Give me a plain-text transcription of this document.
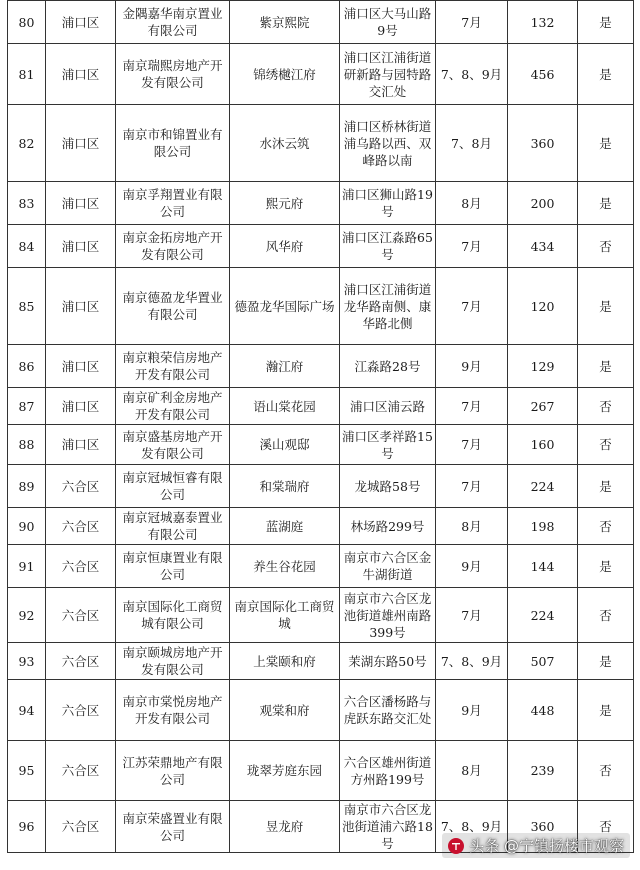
80	浦口区	金隅嘉华南京置业有限公司	紫京熙院	浦口区大马山路9号	7月	132	是
81	浦口区	南京瑞熙房地产开发有限公司	锦绣樾江府	浦口区江浦街道研新路与园特路交汇处	7、8、9月	456	是
82	浦口区	南京市和锦置业有限公司	水沐云筑	浦口区桥林街道浦乌路以西、双峰路以南	7、8月	360	是
83	浦口区	南京孚翔置业有限公司	熙元府	浦口区狮山路19号	8月	200	是
84	浦口区	南京金拓房地产开发有限公司	风华府	浦口区江淼路65号	7月	434	否
85	浦口区	南京德盈龙华置业有限公司	德盈龙华国际广场	浦口区江浦街道龙华路南侧、康华路北侧	7月	120	是
86	浦口区	南京粮荣信房地产开发有限公司	瀚江府	江淼路28号	9月	129	是
87	浦口区	南京矿利金房地产开发有限公司	语山棠花园	浦口区浦云路	7月	267	否
88	浦口区	南京盛基房地产开发有限公司	溪山观邸	浦口区孝祥路15号	7月	160	否
89	六合区	南京冠城恒睿有限公司	和棠瑞府	龙城路58号	7月	224	是
90	六合区	南京冠城嘉泰置业有限公司	蓝湖庭	林场路299号	8月	198	否
91	六合区	南京恒康置业有限公司	养生谷花园	南京市六合区金牛湖街道	9月	144	是
92	六合区	南京国际化工商贸城有限公司	南京国际化工商贸城	南京市六合区龙池街道雄州南路399号	7月	224	否
93	六合区	南京颐城房地产开发有限公司	上棠颐和府	茉湖东路50号	7、8、9月	507	是
94	六合区	南京市棠悦房地产开发有限公司	观棠和府	六合区潘杨路与虎跃东路交汇处	9月	448	是
95	六合区	江苏荣鼎地产有限公司	珑翠芳庭东园	六合区雄州街道方州路199号	8月	239	否
96	六合区	南京荣盛置业有限公司	昱龙府	南京市六合区龙池街道浦六路18号	7、8、9月	360	否
头条 @宁镇扬楼市观察
